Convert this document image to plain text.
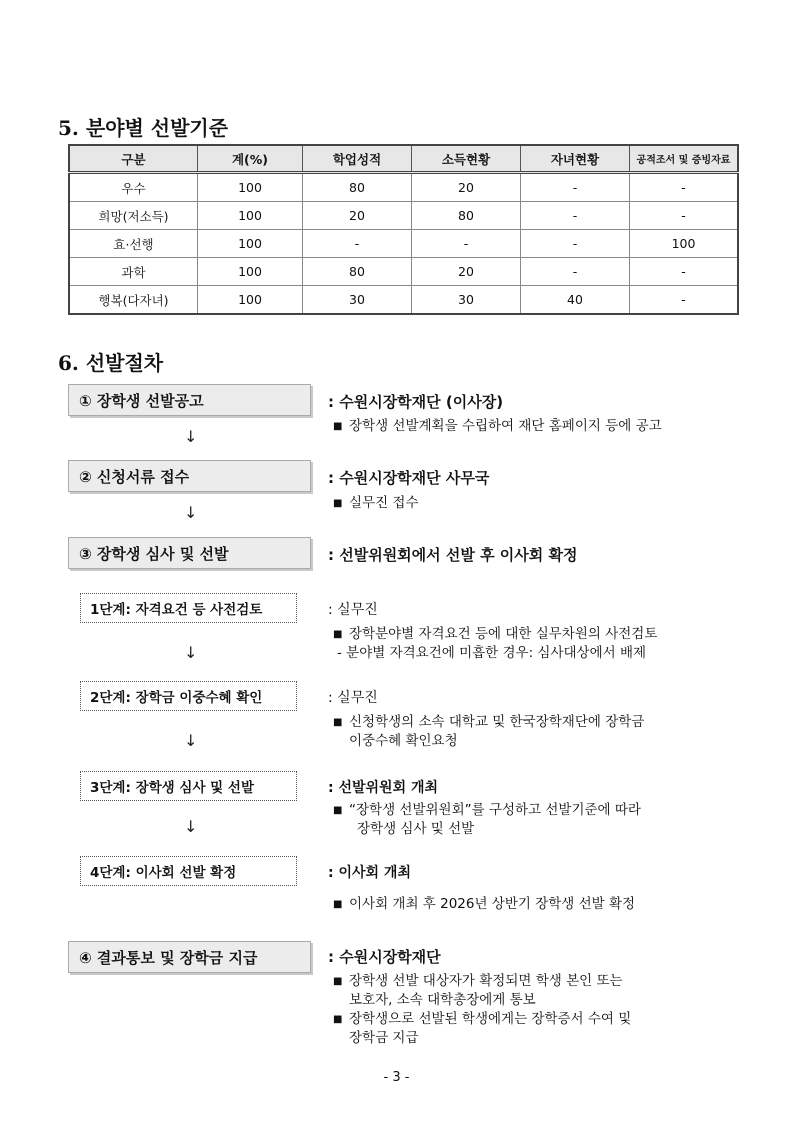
5. 분야별 선발기준
구분	계(%)	학업성적	소득현황	자녀현황	공적조서 및 증빙자료
우수	100	80	20	-	-
희망(저소득)	100	20	80	-	-
효·선행	100	-	-	-	100
과학	100	80	20	-	-
행복(다자녀)	100	30	30	40	-
6. 선발절차
① 장학생 선발공고	: 수원시장학재단 (이사장)
■ 장학생 선발계획을 수립하여 재단 홈페이지 등에 공고
↓
② 신청서류 접수	: 수원시장학재단 사무국
■ 실무진 접수
↓
③ 장학생 심사 및 선발	: 선발위원회에서 선발 후 이사회 확정
1단계: 자격요건 등 사전검토	: 실무진
■ 장학분야별 자격요건 등에 대한 실무차원의 사전검토
- 분야별 자격요건에 미흡한 경우: 심사대상에서 배제
↓
2단계: 장학금 이중수혜 확인	: 실무진
■ 신청학생의 소속 대학교 및 한국장학재단에 장학금
이중수혜 확인요청
↓
3단계: 장학생 심사 및 선발	: 선발위원회 개최
■ “장학생 선발위원회”를 구성하고 선발기준에 따라
장학생 심사 및 선발
↓
4단계: 이사회 선발 확정	: 이사회 개최
■ 이사회 개최 후 2026년 상반기 장학생 선발 확정
④ 결과통보 및 장학금 지급	: 수원시장학재단
■ 장학생 선발 대상자가 확정되면 학생 본인 또는
보호자, 소속 대학총장에게 통보
■ 장학생으로 선발된 학생에게는 장학증서 수여 및
장학금 지급
- 3 -
